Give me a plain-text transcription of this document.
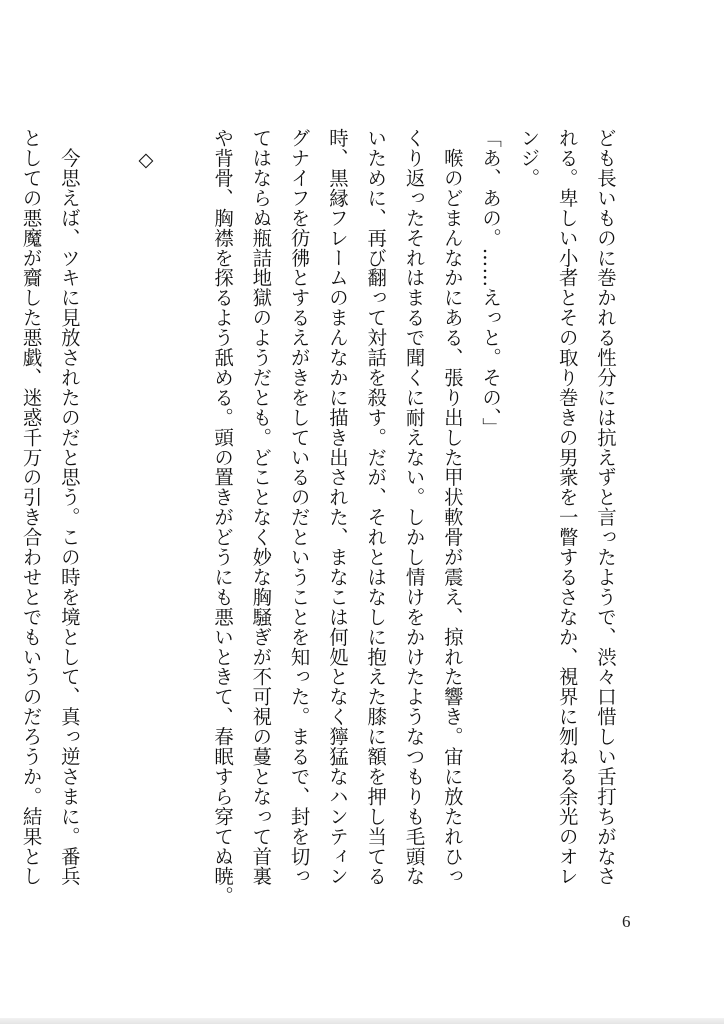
ども長いものに巻かれる性分には抗えずと言ったようで、渋々口惜しい舌打ちがなさ
れる。卑しい小者とその取り巻きの男衆を一瞥するさなか、視界に刎ねる余光のオレ
ンジ。
「あ、あの。……えっと。その、」
　喉のどまんなかにある、張り出した甲状軟骨が震え、掠れた響き。宙に放たれひっ
くり返ったそれはまるで聞くに耐えない。しかし情けをかけたようなつもりも毛頭な
いために、再び翻って対話を殺す。だが、それとはなしに抱えた膝に額を押し当てる
時、黒縁フレームのまんなかに描き出された、まなこは何処となく獰猛なハンティン
グナイフを彷彿とするえがきをしているのだということを知った。まるで、封を切っ
てはならぬ瓶詰地獄のようだとも。どことなく妙な胸騒ぎが不可視の蔓となって首裏
や背骨、胸襟を探るよう舐める。頭の置きがどうにも悪いときて、春眠すら穿てぬ暁。
　◇
　今思えば、ツキに見放されたのだと思う。この時を境として、真っ逆さまに。番兵
としての悪魔が齎した悪戯、迷惑千万の引き合わせとでもいうのだろうか。結果とし
6
